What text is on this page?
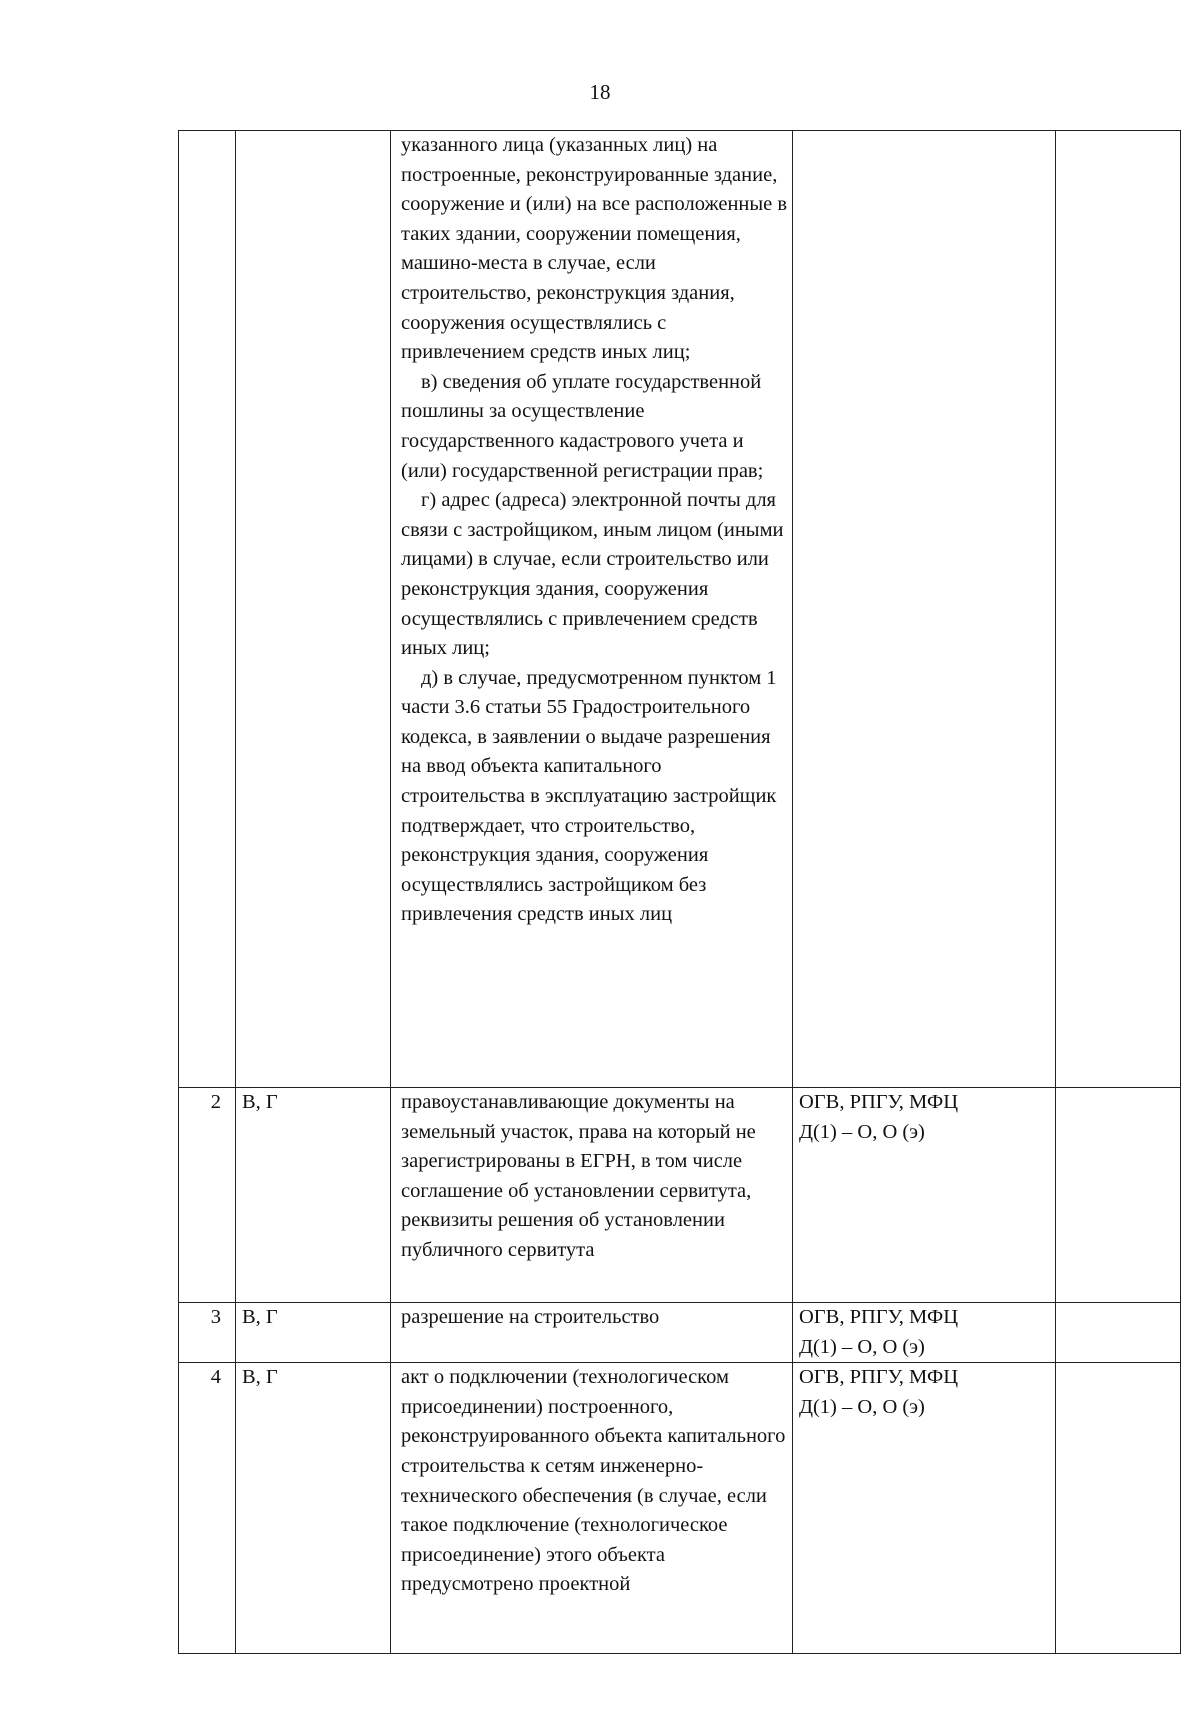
18

		указанного лица (указанных лиц) на построенные, реконструированные здание, сооружение и (или) на все расположенные в таких здании, сооружении помещения, машино-места в случае, если строительство, реконструкция здания, сооружения осуществлялись с привлечением средств иных лиц;
в) сведения об уплате государственной пошлины за осуществление государственного кадастрового учета и (или) государственной регистрации прав;
г) адрес (адреса) электронной почты для связи с застройщиком, иным лицом (иными лицами) в случае, если строительство или реконструкция здания, сооружения осуществлялись с привлечением средств иных лиц;
д) в случае, предусмотренном пунктом 1 части 3.6 статьи 55 Градостроительного кодекса, в заявлении о выдаче разрешения на ввод объекта капитального строительства в эксплуатацию застройщик подтверждает, что строительство, реконструкция здания, сооружения осуществлялись застройщиком без привлечения средств иных лиц		

2	В, Г	правоустанавливающие документы на земельный участок, права на который не зарегистрированы в ЕГРН, в том числе соглашение об установлении сервитута, реквизиты решения об установлении публичного сервитута	ОГВ, РПГУ, МФЦ
Д(1) – О, О (э)	

3	В, Г	разрешение на строительство	ОГВ, РПГУ, МФЦ
Д(1) – О, О (э)	

4	В, Г	акт о подключении (технологическом присоединении) построенного, реконструированного объекта капитального строительства к сетям инженерно-технического обеспечения (в случае, если такое подключение (технологическое присоединение) этого объекта предусмотрено проектной	ОГВ, РПГУ, МФЦ
Д(1) – О, О (э)	
